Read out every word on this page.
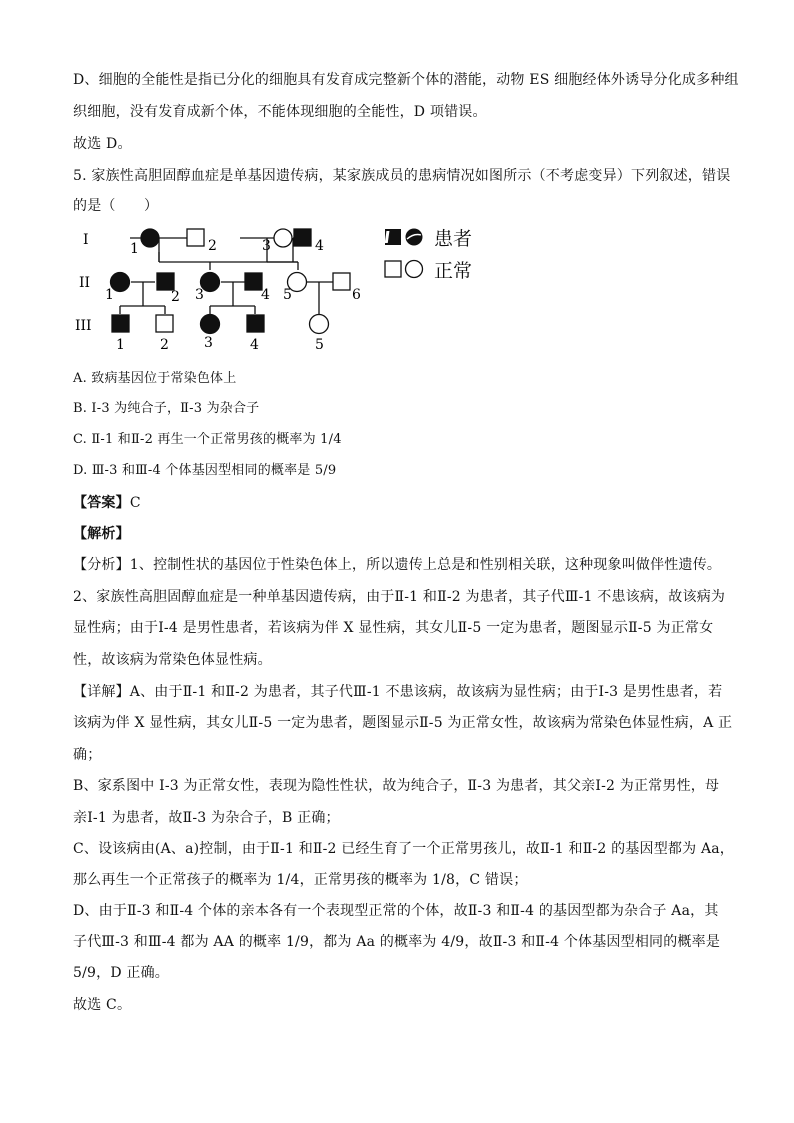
D、细胞的全能性是指已分化的细胞具有发育成完整新个体的潜能，动物 ES 细胞经体外诱导分化成多种组
织细胞，没有发育成新个体，不能体现细胞的全能性，D 项错误。
故选 D。
5. 家族性高胆固醇血症是单基因遗传病，某家族成员的患病情况如图所示（不考虑变异）下列叙述，错误
的是（　　）
I
II
III
1	2	3	4
1	2 3	4 5	6
1	2	3	4	5
患者
正常
A. 致病基因位于常染色体上
B. I-3 为纯合子，Ⅱ-3 为杂合子
C. Ⅱ-1 和Ⅱ-2 再生一个正常男孩的概率为 1/4
D. Ⅲ-3 和Ⅲ-4 个体基因型相同的概率是 5/9
【答案】C
【解析】
【分析】1、控制性状的基因位于性染色体上，所以遗传上总是和性别相关联，这种现象叫做伴性遗传。
2、家族性高胆固醇血症是一种单基因遗传病，由于Ⅱ-1 和Ⅱ-2 为患者，其子代Ⅲ-1 不患该病，故该病为
显性病；由于Ⅰ-4 是男性患者，若该病为伴 X 显性病，其女儿Ⅱ-5 一定为患者，题图显示Ⅱ-5 为正常女
性，故该病为常染色体显性病。
【详解】A、由于Ⅱ-1 和Ⅱ-2 为患者，其子代Ⅲ-1 不患该病，故该病为显性病；由于Ⅰ-3 是男性患者，若
该病为伴 X 显性病，其女儿Ⅱ-5 一定为患者，题图显示Ⅱ-5 为正常女性，故该病为常染色体显性病，A 正
确；
B、家系图中 I-3 为正常女性，表现为隐性性状，故为纯合子，Ⅱ-3 为患者，其父亲Ⅰ-2 为正常男性，母
亲Ⅰ-1 为患者，故Ⅱ-3 为杂合子，B 正确；
C、设该病由(A、a)控制，由于Ⅱ-1 和Ⅱ-2 已经生育了一个正常男孩儿，故Ⅱ-1 和Ⅱ-2 的基因型都为 Aa，
那么再生一个正常孩子的概率为 1/4，正常男孩的概率为 1/8，C 错误；
D、由于Ⅱ-3 和Ⅱ-4 个体的亲本各有一个表现型正常的个体，故Ⅱ-3 和Ⅱ-4 的基因型都为杂合子 Aa，其
子代Ⅲ-3 和Ⅲ-4 都为 AA 的概率 1/9，都为 Aa 的概率为 4/9，故Ⅱ-3 和Ⅱ-4 个体基因型相同的概率是
5/9，D 正确。
故选 C。
